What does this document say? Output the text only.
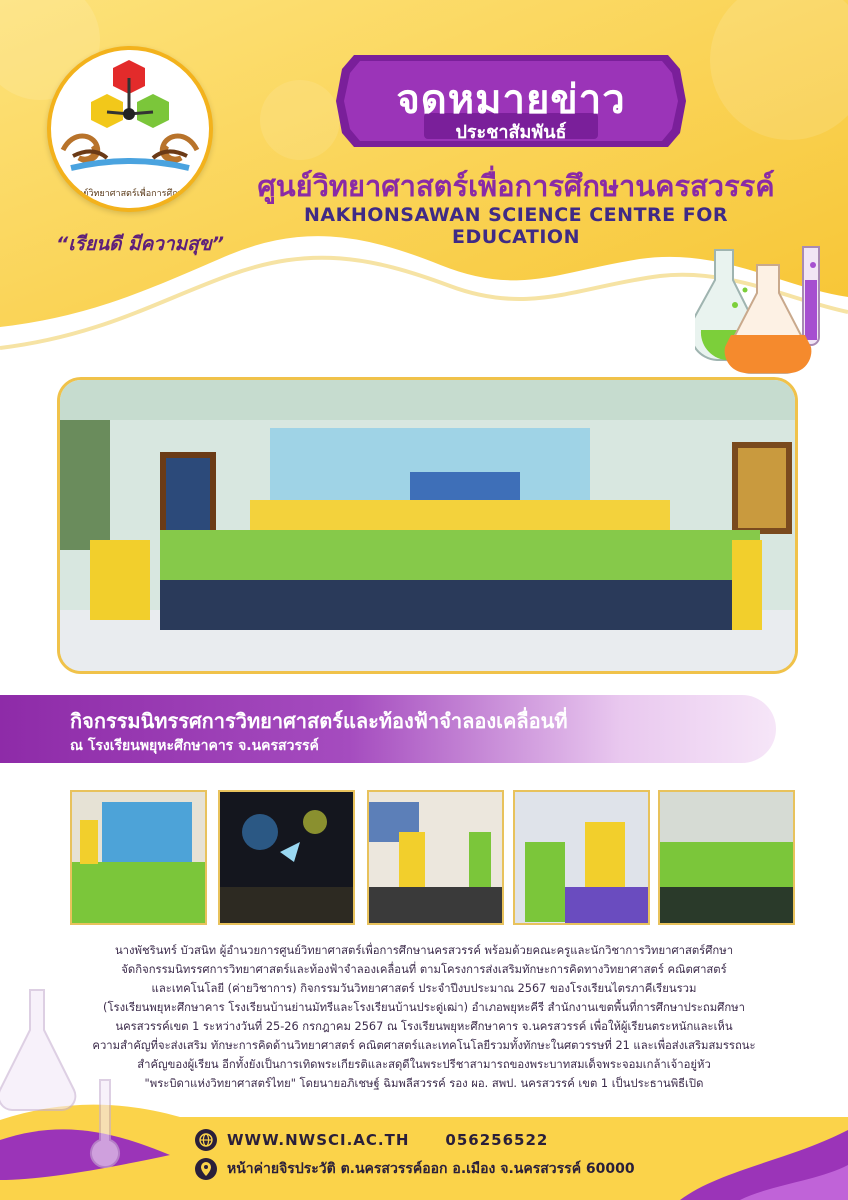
ศูนย์วิทยาศาสตร์เพื่อการศึกษา
“เรียนดี มีความสุข”
จดหมายข่าว
ประชาสัมพันธ์
ศูนย์วิทยาศาสตร์เพื่อการศึกษานครสวรรค์
NAKHONSAWAN SCIENCE CENTRE FOR EDUCATION
กิจกรรมนิทรรศการวิทยาศาสตร์และท้องฟ้าจำลองเคลื่อนที่
ณ โรงเรียนพยุหะศึกษาคาร จ.นครสวรรค์
นางพัชรินทร์ บัวสนิท ผู้อำนวยการศูนย์วิทยาศาสตร์เพื่อการศึกษานครสวรรค์ พร้อมด้วยคณะครูและนักวิชาการวิทยาศาสตร์ศึกษา
จัดกิจกรรมนิทรรศการวิทยาศาสตร์และท้องฟ้าจำลองเคลื่อนที่ ตามโครงการส่งเสริมทักษะการคิดทางวิทยาศาสตร์ คณิตศาสตร์
และเทคโนโลยี (ค่ายวิชาการ) กิจกรรมวันวิทยาศาสตร์ ประจำปีงบประมาณ 2567 ของโรงเรียนไตรภาคีเรียนรวม
(โรงเรียนพยุหะศึกษาคาร โรงเรียนบ้านย่านมัทรีและโรงเรียนบ้านประดู่เฒ่า) อำเภอพยุหะคีรี สำนักงานเขตพื้นที่การศึกษาประถมศึกษา
นครสวรรค์เขต 1 ระหว่างวันที่ 25-26 กรกฎาคม 2567 ณ โรงเรียนพยุหะศึกษาคาร จ.นครสวรรค์ เพื่อให้ผู้เรียนตระหนักและเห็น
ความสำคัญที่จะส่งเสริม ทักษะการคิดด้านวิทยาศาสตร์ คณิตศาสตร์และเทคโนโลยีรวมทั้งทักษะในศตวรรษที่ 21 และเพื่อส่งเสริมสมรรถนะ
สำคัญของผู้เรียน อีกทั้งยังเป็นการเทิดพระเกียรติและสดุดีในพระปรีชาสามารถของพระบาทสมเด็จพระจอมเกล้าเจ้าอยู่หัว
"พระบิดาแห่งวิทยาศาสตร์ไทย" โดยนายอภิเชษฐ์ ฉิมพลีสวรรค์ รอง ผอ. สพป. นครสวรรค์ เขต 1 เป็นประธานพิธีเปิด
WWW.NWSCI.AC.TH 056256522
หน้าค่ายจิรประวัติ ต.นครสวรรค์ออก อ.เมือง จ.นครสวรรค์ 60000
